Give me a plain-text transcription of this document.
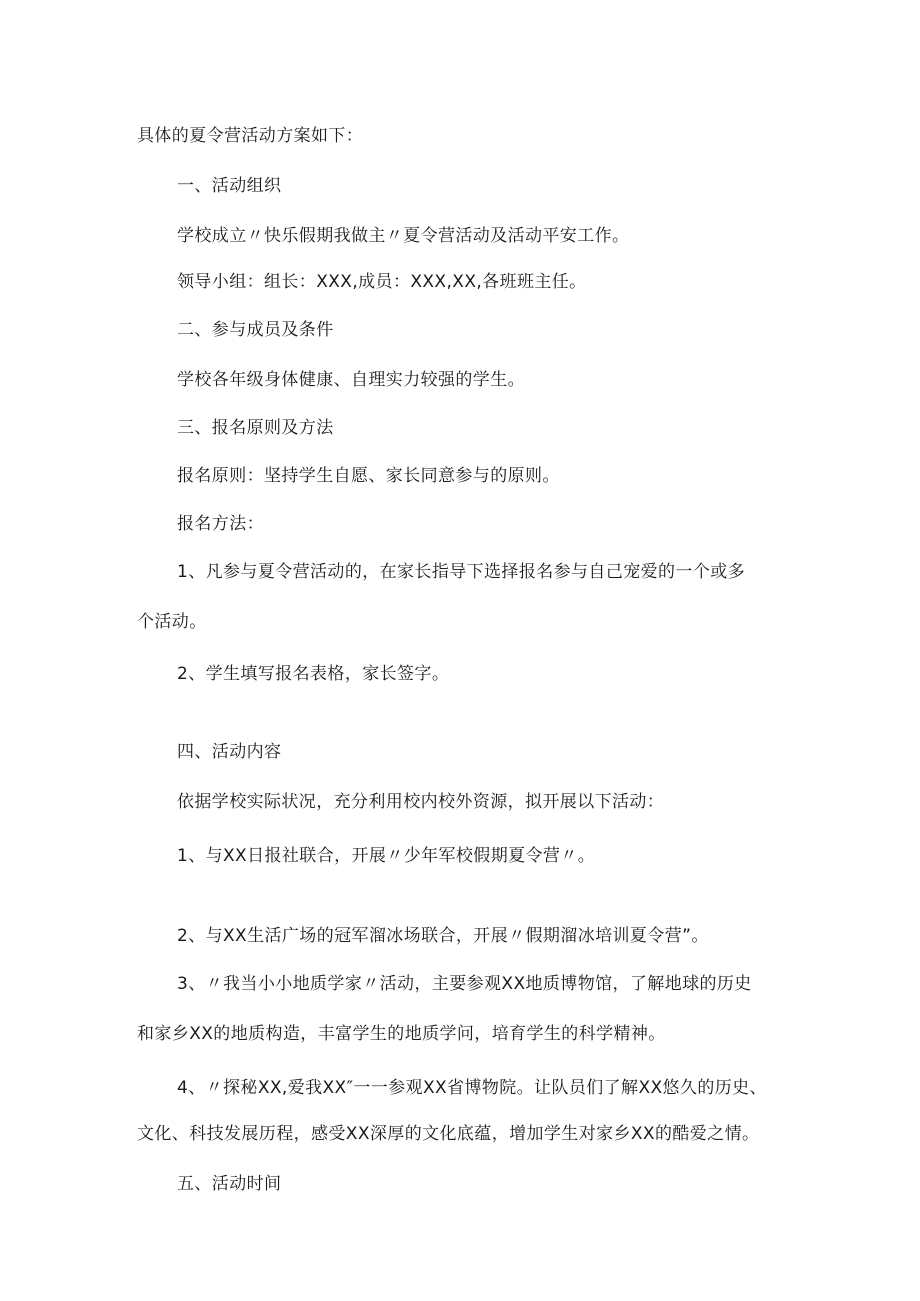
具体的夏令营活动方案如下：
一、活动组织
学校成立〃快乐假期我做主〃夏令营活动及活动平安工作。
领导小组：组长：XXX,成员：XXX,XX,各班班主任。
二、参与成员及条件
学校各年级身体健康、自理实力较强的学生。
三、报名原则及方法
报名原则：坚持学生自愿、家长同意参与的原则。
报名方法：
1、凡参与夏令营活动的，在家长指导下选择报名参与自己宠爱的一个或多
个活动。
2、学生填写报名表格，家长签字。
四、活动内容
依据学校实际状况，充分利用校内校外资源，拟开展以下活动：
1、与XX日报社联合，开展〃少年军校假期夏令营〃。
2、与XX生活广场的冠军溜冰场联合，开展〃假期溜冰培训夏令营”。
3、〃我当小小地质学家〃活动，主要参观XX地质博物馆，了解地球的历史
和家乡XX的地质构造，丰富学生的地质学问，培育学生的科学精神。
4、〃探秘XX,爱我XX″一一参观XX省博物院。让队员们了解XX悠久的历史、
文化、科技发展历程，感受XX深厚的文化底蕴，增加学生对家乡XX的酷爱之情。
五、活动时间
